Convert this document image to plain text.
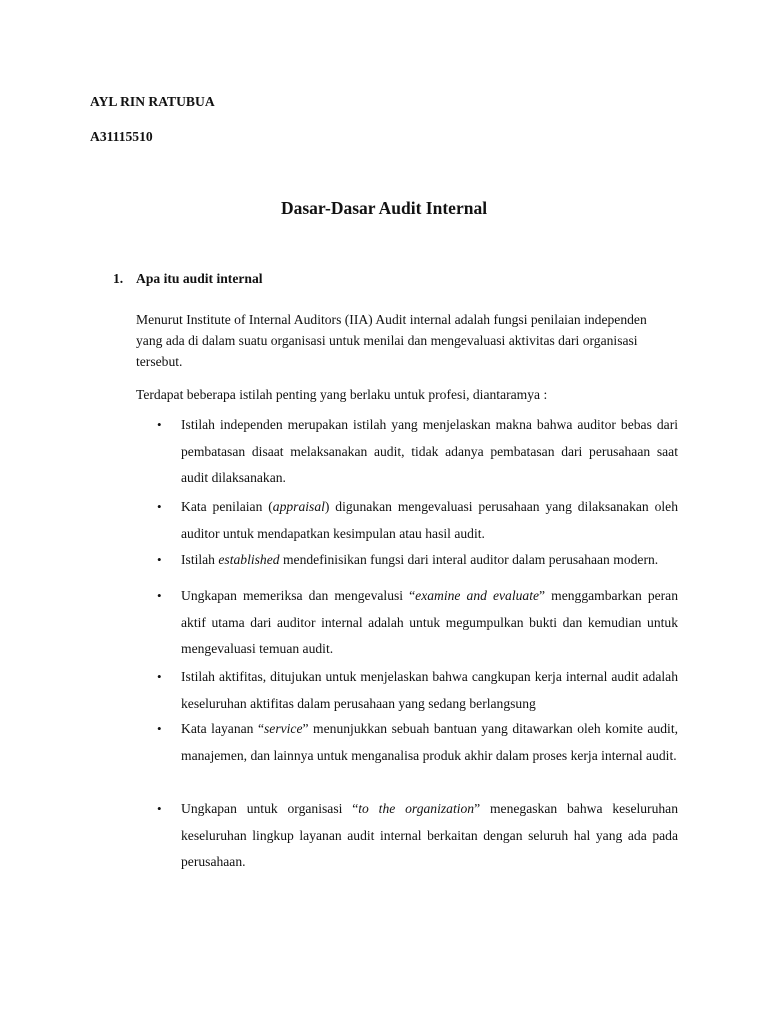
AYL RIN RATUBUA
A31115510
Dasar-Dasar Audit Internal
1. Apa itu audit internal
Menurut Institute of Internal Auditors (IIA) Audit internal adalah fungsi penilaian independen yang ada di dalam suatu organisasi untuk menilai dan mengevaluasi aktivitas dari organisasi tersebut.
Terdapat beberapa istilah penting yang berlaku untuk profesi, diantaramya :
• Istilah independen merupakan istilah yang menjelaskan makna bahwa auditor bebas dari pembatasan disaat melaksanakan audit, tidak adanya pembatasan dari perusahaan saat audit dilaksanakan.
• Kata penilaian (appraisal) digunakan mengevaluasi perusahaan yang dilaksanakan oleh auditor untuk mendapatkan kesimpulan atau hasil audit.
• Istilah established mendefinisikan fungsi dari interal auditor dalam perusahaan modern.
• Ungkapan memeriksa dan mengevalusi “examine and evaluate” menggambarkan peran aktif utama dari auditor internal adalah untuk megumpulkan bukti dan kemudian untuk mengevaluasi temuan audit.
• Istilah aktifitas, ditujukan untuk menjelaskan bahwa cangkupan kerja internal audit adalah keseluruhan aktifitas dalam perusahaan yang sedang berlangsung
• Kata layanan “service” menunjukkan sebuah bantuan yang ditawarkan oleh komite audit, manajemen, dan lainnya untuk menganalisa produk akhir dalam proses kerja internal audit.
• Ungkapan untuk organisasi “to the organization” menegaskan bahwa keseluruhan keseluruhan lingkup layanan audit internal berkaitan dengan seluruh hal yang ada pada perusahaan.
